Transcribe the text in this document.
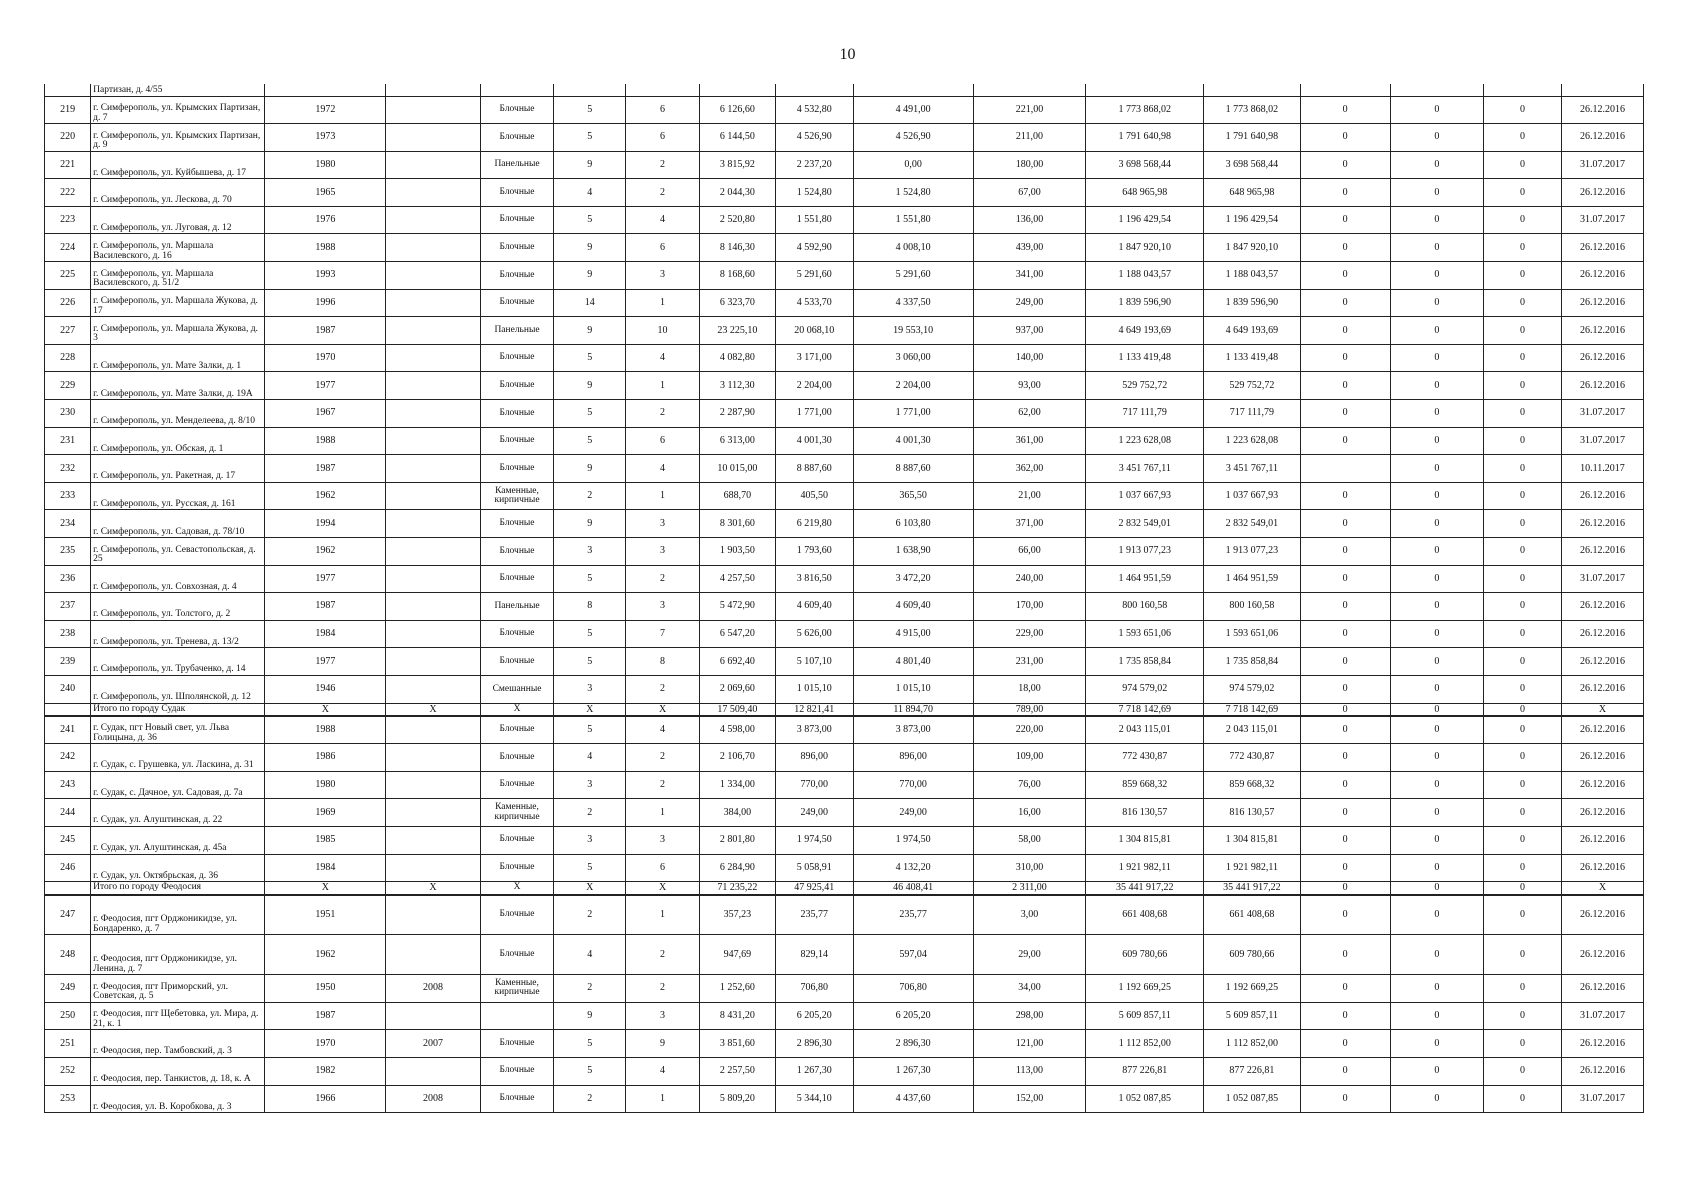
10
	Партизан, д. 4/55															
219	г. Симферополь, ул. Крымских Партизан, д. 7	1972		Блочные	5	6	6 126,60	4 532,80	4 491,00	221,00	1 773 868,02	1 773 868,02	0	0	0	26.12.2016
220	г. Симферополь, ул. Крымских Партизан, д. 9	1973		Блочные	5	6	6 144,50	4 526,90	4 526,90	211,00	1 791 640,98	1 791 640,98	0	0	0	26.12.2016
221	г. Симферополь, ул. Куйбышева, д. 17	1980		Панельные	9	2	3 815,92	2 237,20	0,00	180,00	3 698 568,44	3 698 568,44	0	0	0	31.07.2017
222	г. Симферополь, ул. Лескова, д. 70	1965		Блочные	4	2	2 044,30	1 524,80	1 524,80	67,00	648 965,98	648 965,98	0	0	0	26.12.2016
223	г. Симферополь, ул. Луговая, д. 12	1976		Блочные	5	4	2 520,80	1 551,80	1 551,80	136,00	1 196 429,54	1 196 429,54	0	0	0	31.07.2017
224	г. Симферополь, ул. Маршала Василевского, д. 16	1988		Блочные	9	6	8 146,30	4 592,90	4 008,10	439,00	1 847 920,10	1 847 920,10	0	0	0	26.12.2016
225	г. Симферополь, ул. Маршала Василевского, д. 51/2	1993		Блочные	9	3	8 168,60	5 291,60	5 291,60	341,00	1 188 043,57	1 188 043,57	0	0	0	26.12.2016
226	г. Симферополь, ул. Маршала Жукова, д. 17	1996		Блочные	14	1	6 323,70	4 533,70	4 337,50	249,00	1 839 596,90	1 839 596,90	0	0	0	26.12.2016
227	г. Симферополь, ул. Маршала Жукова, д. 3	1987		Панельные	9	10	23 225,10	20 068,10	19 553,10	937,00	4 649 193,69	4 649 193,69	0	0	0	26.12.2016
228	г. Симферополь, ул. Мате Залки, д. 1	1970		Блочные	5	4	4 082,80	3 171,00	3 060,00	140,00	1 133 419,48	1 133 419,48	0	0	0	26.12.2016
229	г. Симферополь, ул. Мате Залки, д. 19А	1977		Блочные	9	1	3 112,30	2 204,00	2 204,00	93,00	529 752,72	529 752,72	0	0	0	26.12.2016
230	г. Симферополь, ул. Менделеева, д. 8/10	1967		Блочные	5	2	2 287,90	1 771,00	1 771,00	62,00	717 111,79	717 111,79	0	0	0	31.07.2017
231	г. Симферополь, ул. Обская, д. 1	1988		Блочные	5	6	6 313,00	4 001,30	4 001,30	361,00	1 223 628,08	1 223 628,08	0	0	0	31.07.2017
232	г. Симферополь, ул. Ракетная, д. 17	1987		Блочные	9	4	10 015,00	8 887,60	8 887,60	362,00	3 451 767,11	3 451 767,11		0	0	10.11.2017
233	г. Симферополь, ул. Русская, д. 161	1962		Каменные, кирпичные	2	1	688,70	405,50	365,50	21,00	1 037 667,93	1 037 667,93	0	0	0	26.12.2016
234	г. Симферополь, ул. Садовая, д. 78/10	1994		Блочные	9	3	8 301,60	6 219,80	6 103,80	371,00	2 832 549,01	2 832 549,01	0	0	0	26.12.2016
235	г. Симферополь, ул. Севастопольская, д. 25	1962		Блочные	3	3	1 903,50	1 793,60	1 638,90	66,00	1 913 077,23	1 913 077,23	0	0	0	26.12.2016
236	г. Симферополь, ул. Совхозная, д. 4	1977		Блочные	5	2	4 257,50	3 816,50	3 472,20	240,00	1 464 951,59	1 464 951,59	0	0	0	31.07.2017
237	г. Симферополь, ул. Толстого, д. 2	1987		Панельные	8	3	5 472,90	4 609,40	4 609,40	170,00	800 160,58	800 160,58	0	0	0	26.12.2016
238	г. Симферополь, ул. Тренева, д. 13/2	1984		Блочные	5	7	6 547,20	5 626,00	4 915,00	229,00	1 593 651,06	1 593 651,06	0	0	0	26.12.2016
239	г. Симферополь, ул. Трубаченко, д. 14	1977		Блочные	5	8	6 692,40	5 107,10	4 801,40	231,00	1 735 858,84	1 735 858,84	0	0	0	26.12.2016
240	г. Симферополь, ул. Шполянской, д. 12	1946		Смешанные	3	2	2 069,60	1 015,10	1 015,10	18,00	974 579,02	974 579,02	0	0	0	26.12.2016
	Итого по городу Судак	X	X	X	X	X	17 509,40	12 821,41	11 894,70	789,00	7 718 142,69	7 718 142,69	0	0	0	X
241	г. Судак, пгт Новый свет, ул. Льва Голицына, д. 36	1988		Блочные	5	4	4 598,00	3 873,00	3 873,00	220,00	2 043 115,01	2 043 115,01	0	0	0	26.12.2016
242	г. Судак, с. Грушевка, ул. Ласкина, д. 31	1986		Блочные	4	2	2 106,70	896,00	896,00	109,00	772 430,87	772 430,87	0	0	0	26.12.2016
243	г. Судак, с. Дачное, ул. Садовая, д. 7а	1980		Блочные	3	2	1 334,00	770,00	770,00	76,00	859 668,32	859 668,32	0	0	0	26.12.2016
244	г. Судак, ул. Алуштинская, д. 22	1969		Каменные, кирпичные	2	1	384,00	249,00	249,00	16,00	816 130,57	816 130,57	0	0	0	26.12.2016
245	г. Судак, ул. Алуштинская, д. 45а	1985		Блочные	3	3	2 801,80	1 974,50	1 974,50	58,00	1 304 815,81	1 304 815,81	0	0	0	26.12.2016
246	г. Судак, ул. Октябрьская, д. 36	1984		Блочные	5	6	6 284,90	5 058,91	4 132,20	310,00	1 921 982,11	1 921 982,11	0	0	0	26.12.2016
	Итого по городу Феодосия	X	X	X	X	X	71 235,22	47 925,41	46 408,41	2 311,00	35 441 917,22	35 441 917,22	0	0	0	X
247	г. Феодосия, пгт Орджоникидзе, ул. Бондаренко, д. 7	1951		Блочные	2	1	357,23	235,77	235,77	3,00	661 408,68	661 408,68	0	0	0	26.12.2016
248	г. Феодосия, пгт Орджоникидзе, ул. Ленина, д. 7	1962		Блочные	4	2	947,69	829,14	597,04	29,00	609 780,66	609 780,66	0	0	0	26.12.2016
249	г. Феодосия, пгт Приморский, ул. Советская, д. 5	1950	2008	Каменные, кирпичные	2	2	1 252,60	706,80	706,80	34,00	1 192 669,25	1 192 669,25	0	0	0	26.12.2016
250	г. Феодосия, пгт Щебетовка, ул. Мира, д. 21, к. 1	1987			9	3	8 431,20	6 205,20	6 205,20	298,00	5 609 857,11	5 609 857,11	0	0	0	31.07.2017
251	г. Феодосия, пер. Тамбовский, д. 3	1970	2007	Блочные	5	9	3 851,60	2 896,30	2 896,30	121,00	1 112 852,00	1 112 852,00	0	0	0	26.12.2016
252	г. Феодосия, пер. Танкистов, д. 18, к. А	1982		Блочные	5	4	2 257,50	1 267,30	1 267,30	113,00	877 226,81	877 226,81	0	0	0	26.12.2016
253	г. Феодосия, ул. В. Коробкова, д. 3	1966	2008	Блочные	2	1	5 809,20	5 344,10	4 437,60	152,00	1 052 087,85	1 052 087,85	0	0	0	31.07.2017
